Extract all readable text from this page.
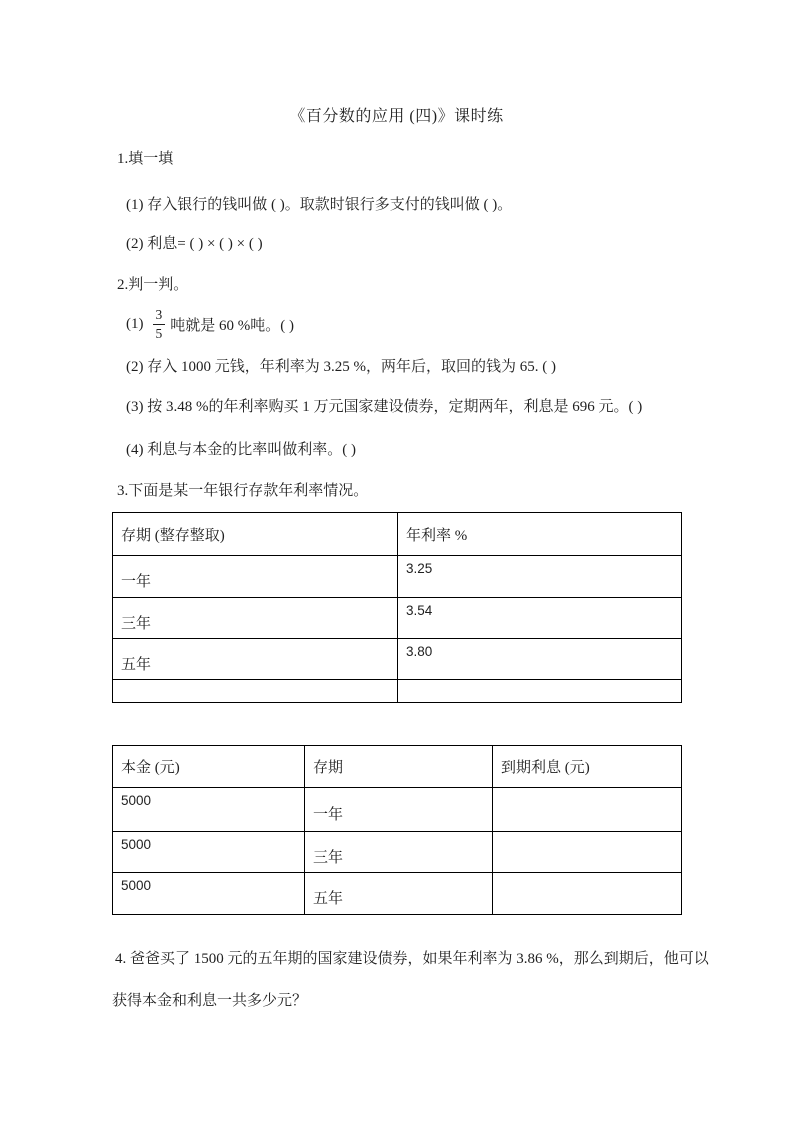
《百分数的应用 (四)》课时练
1.填一填
(1) 存入银行的钱叫做 ( )。取款时银行多支付的钱叫做 ( )。
(2) 利息= ( ) × ( ) × ( )
2.判一判。
$(1) \frac{3}{5}$ 吨就是 60 %吨。( )
(2) 存入 1000 元钱，年利率为 3.25 %，两年后，取回的钱为 65. ( )
(3) 按 3.48 %的年利率购买 1 万元国家建设债券，定期两年，利息是 696 元。( )
(4) 利息与本金的比率叫做利率。( )
3.下面是某一年银行存款年利率情况。
存期 (整存整取)	年利率 %
一年	3.25
三年	3.54
五年	3.80

本金 (元)	存期	到期利息 (元)
5000	一年	
5000	三年	
5000	五年	
4. 爸爸买了 1500 元的五年期的国家建设债券，如果年利率为 3.86 %，那么到期后，他可以
获得本金和利息一共多少元？
